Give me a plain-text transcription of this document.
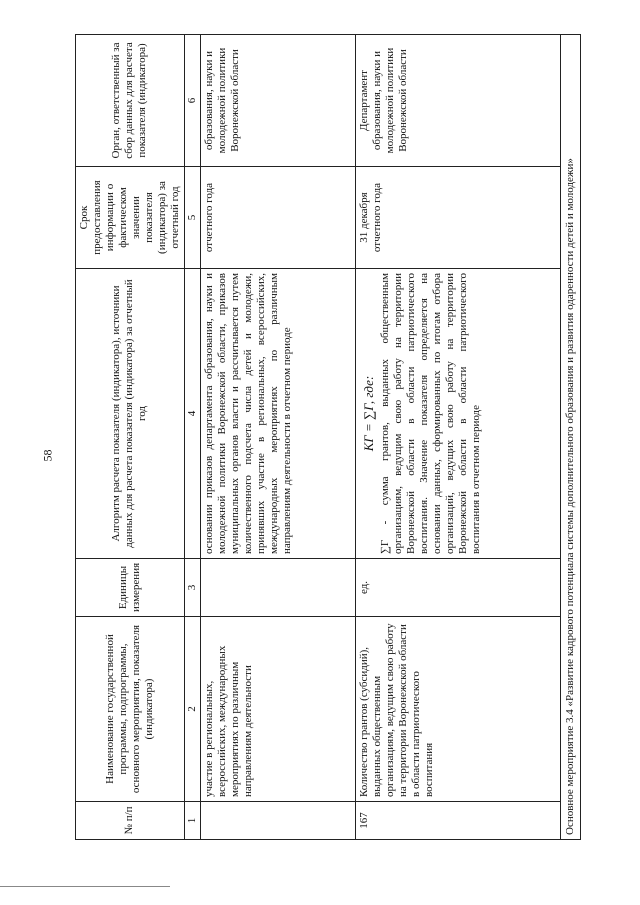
58
№ п/п	Наименование государственной программы, подпрограммы, основного мероприятия, показателя (индикатора)	Единицы измерения	Алгоритм расчета показателя (индикатора), источники данных для расчета показателя (индикатора) за отчетный год	Срок предоставления информации о фактическом значении показателя (индикатора) за отчетный год	Орган, ответственный за сбор данных для расчета показателя (индикатора)
1	2	3	4	5	6
	участие в региональных, всероссийских, международных мероприятиях по различным направлениям деятельности		основании приказов департамента образования, науки и молодежной политики Воронежской области, приказов муниципальных органов власти и рассчитывается путем количественного подсчета числа детей и молодежи, принявших участие в региональных, всероссийских, международных мероприятиях по различным направлениям деятельности в отчетном периоде	отчетного года	образования, науки и молодежной политики Воронежской области
167	Количество грантов (субсидий), выданных общественным организациям, ведущим свою работу на территории Воронежской области в области патриотического воспитания	ед.	КГ = ∑Г, где: ∑Г - сумма грантов, выданных общественным организациям, ведущим свою работу на территории Воронежской области в области патриотического воспитания. Значение показателя определяется на основании данных, сформированных по итогам отбора организаций, ведущих свою работу на территории Воронежской области в области патриотического воспитания в отчетном периоде	31 декабря отчетного года	Департамент образования, науки и молодежной политики Воронежской области
Основное мероприятие 3.4 «Развитие кадрового потенциала системы дополнительного образования и развития одаренности детей и молодежи»					
